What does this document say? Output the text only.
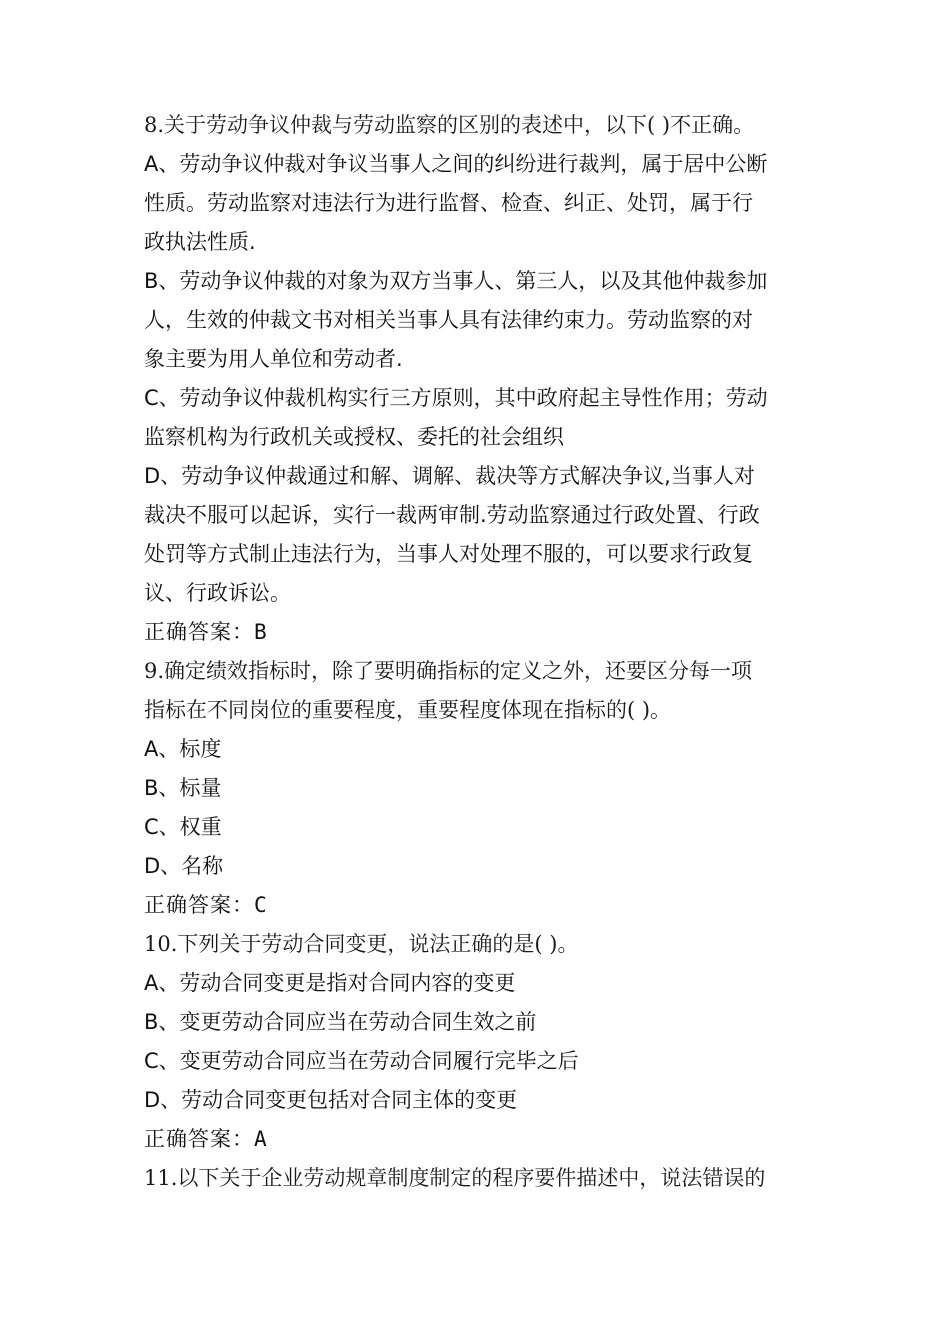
8.关于劳动争议仲裁与劳动监察的区别的表述中，以下( )不正确。
A、劳动争议仲裁对争议当事人之间的纠纷进行裁判，属于居中公断
性质。劳动监察对违法行为进行监督、检查、纠正、处罚，属于行
政执法性质.
B、劳动争议仲裁的对象为双方当事人、第三人，以及其他仲裁参加
人，生效的仲裁文书对相关当事人具有法律约束力。劳动监察的对
象主要为用人单位和劳动者.
C、劳动争议仲裁机构实行三方原则，其中政府起主导性作用；劳动
监察机构为行政机关或授权、委托的社会组织
D、劳动争议仲裁通过和解、调解、裁决等方式解决争议,当事人对
裁决不服可以起诉，实行一裁两审制.劳动监察通过行政处置、行政
处罚等方式制止违法行为，当事人对处理不服的，可以要求行政复
议、行政诉讼。
正确答案：B
9.确定绩效指标时，除了要明确指标的定义之外，还要区分每一项
指标在不同岗位的重要程度，重要程度体现在指标的( )。
A、标度
B、标量
C、权重
D、名称
正确答案：C
10.下列关于劳动合同变更，说法正确的是( )。
A、劳动合同变更是指对合同内容的变更
B、变更劳动合同应当在劳动合同生效之前
C、变更劳动合同应当在劳动合同履行完毕之后
D、劳动合同变更包括对合同主体的变更
正确答案：A
11.以下关于企业劳动规章制度制定的程序要件描述中，说法错误的
